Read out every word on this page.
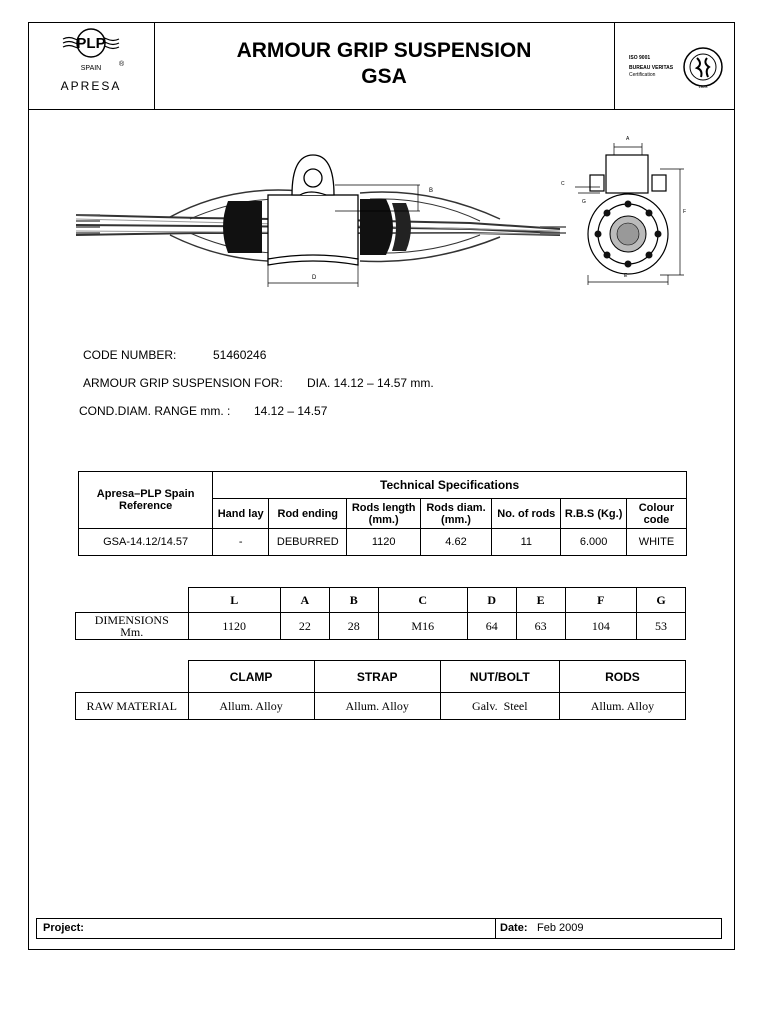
PLP
SPAIN
®
APRESA
ARMOUR GRIP SUSPENSION
GSA
ISO 9001
BUREAU VERITAS
Certification
1828
B
D
A
C
G
F
E
CODE NUMBER:	51460246
ARMOUR GRIP SUSPENSION FOR: DIA. 14.12 – 14.57 mm.
COND.DIAM. RANGE mm. : 14.12 – 14.57
Apresa–PLP Spain Reference	Technical Specifications						
	Hand lay	Rod ending	Rods length (mm.)	Rods diam. (mm.)	No. of rods	R.B.S (Kg.)	Colour code
GSA-14.12/14.57	-	DEBURRED	1120	4.62	11	6.000	WHITE
	L	A	B	C	D	E	F	G
DIMENSIONS Mm.	1120	22	28	M16	64	63	104	53
	CLAMP	STRAP	NUT/BOLT	RODS
RAW MATERIAL	Allum. Alloy	Allum. Alloy	Galv.  Steel	Allum. Alloy
Project:	Date: Feb 2009
